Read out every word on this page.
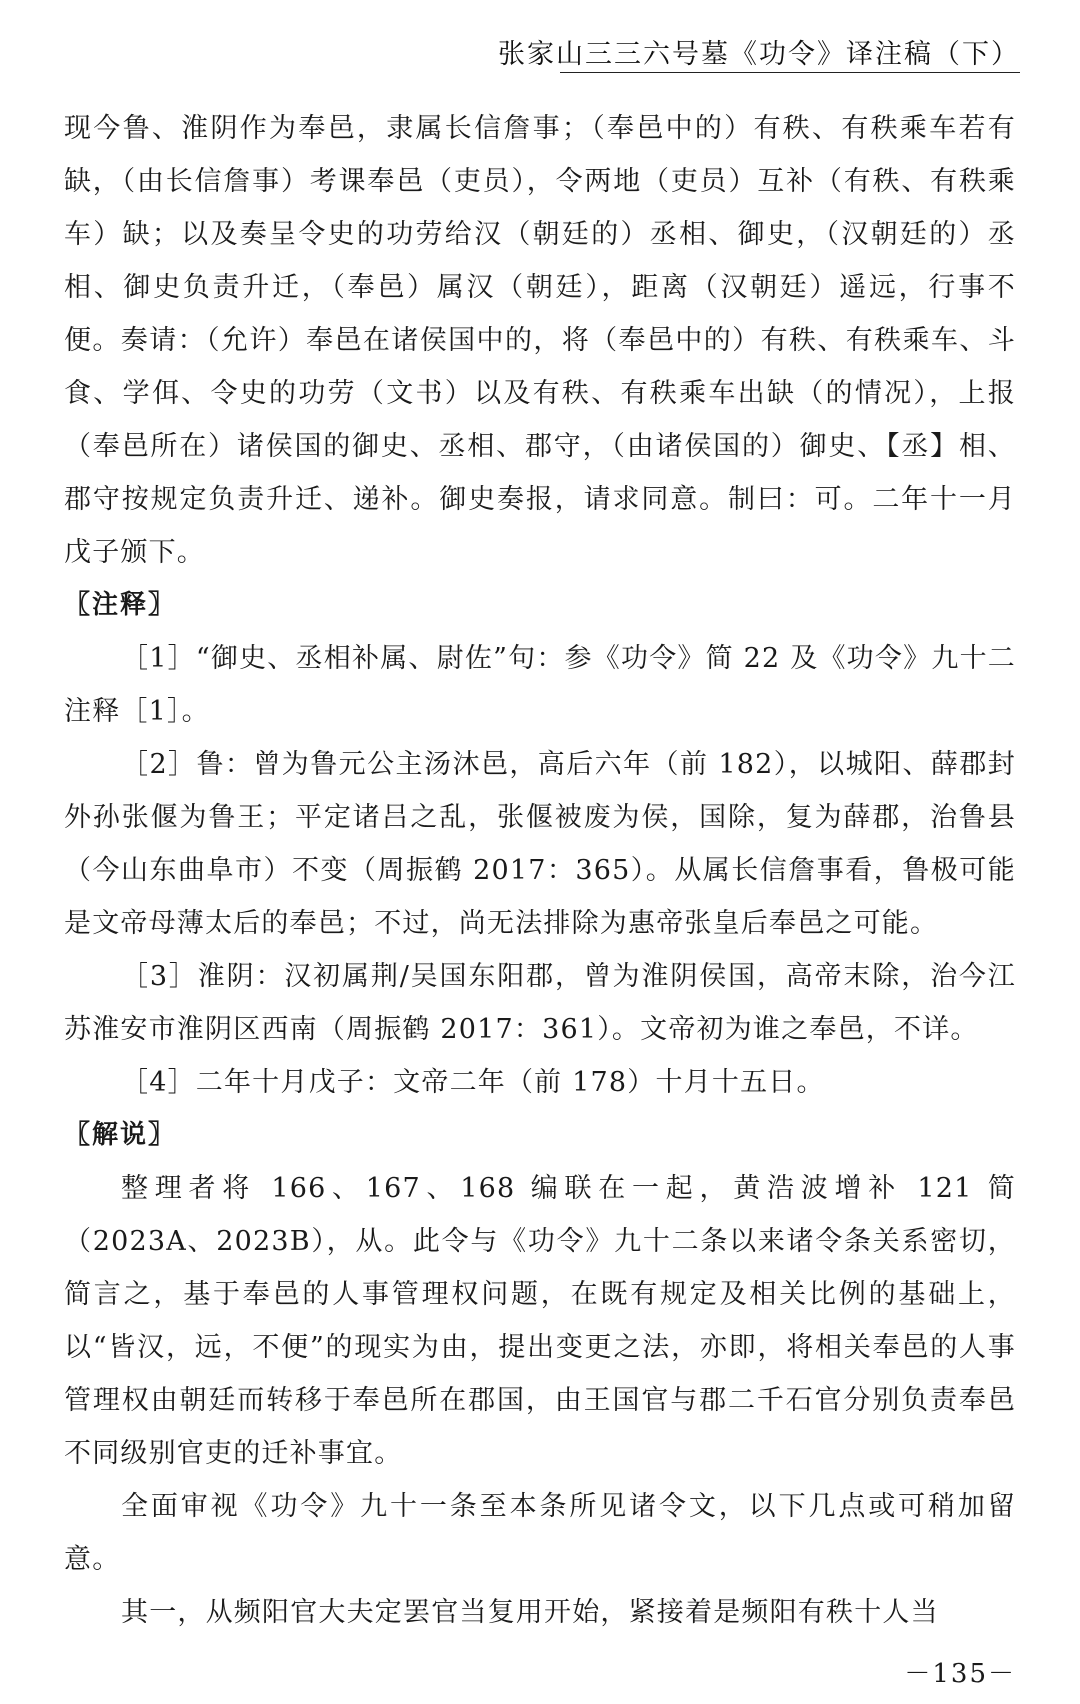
张家山三三六号墓《功令》译注稿（下）

现今鲁、淮阴作为奉邑，隶属长信詹事；（奉邑中的）有秩、有秩乘车若有缺，（由长信詹事）考课奉邑（吏员），令两地（吏员）互补（有秩、有秩乘车）缺；以及奏呈令史的功劳给汉（朝廷的）丞相、御史，（汉朝廷的）丞相、御史负责升迁，（奉邑）属汉（朝廷），距离（汉朝廷）遥远，行事不便。奏请：（允许）奉邑在诸侯国中的，将（奉邑中的）有秩、有秩乘车、斗食、学佴、令史的功劳（文书）以及有秩、有秩乘车出缺（的情况），上报（奉邑所在）诸侯国的御史、丞相、郡守，（由诸侯国的）御史、【丞】相、郡守按规定负责升迁、递补。御史奏报，请求同意。制曰：可。二年十一月戊子颁下。

〖注释〗

［1］“御史、丞相补属、尉佐”句：参《功令》简 22 及《功令》九十二注释［1］。

［2］鲁：曾为鲁元公主汤沐邑，高后六年（前 182），以城阳、薛郡封外孙张偃为鲁王；平定诸吕之乱，张偃被废为侯，国除，复为薛郡，治鲁县（今山东曲阜市）不变（周振鹤 2017：365）。从属长信詹事看，鲁极可能是文帝母薄太后的奉邑；不过，尚无法排除为惠帝张皇后奉邑之可能。

［3］淮阴：汉初属荆/吴国东阳郡，曾为淮阴侯国，高帝末除，治今江苏淮安市淮阴区西南（周振鹤 2017：361）。文帝初为谁之奉邑，不详。

［4］二年十月戊子：文帝二年（前 178）十月十五日。

〖解说〗

整理者将 166、167、168 编联在一起，黄浩波增补 121 简（2023A、2023B），从。此令与《功令》九十二条以来诸令条关系密切，简言之，基于奉邑的人事管理权问题，在既有规定及相关比例的基础上，以“皆汉，远，不便”的现实为由，提出变更之法，亦即，将相关奉邑的人事管理权由朝廷而转移于奉邑所在郡国，由王国官与郡二千石官分别负责奉邑不同级别官吏的迁补事宜。

全面审视《功令》九十一条至本条所见诸令文，以下几点或可稍加留意。

其一，从频阳官大夫定罢官当复用开始，紧接着是频阳有秩十人当

－135－
